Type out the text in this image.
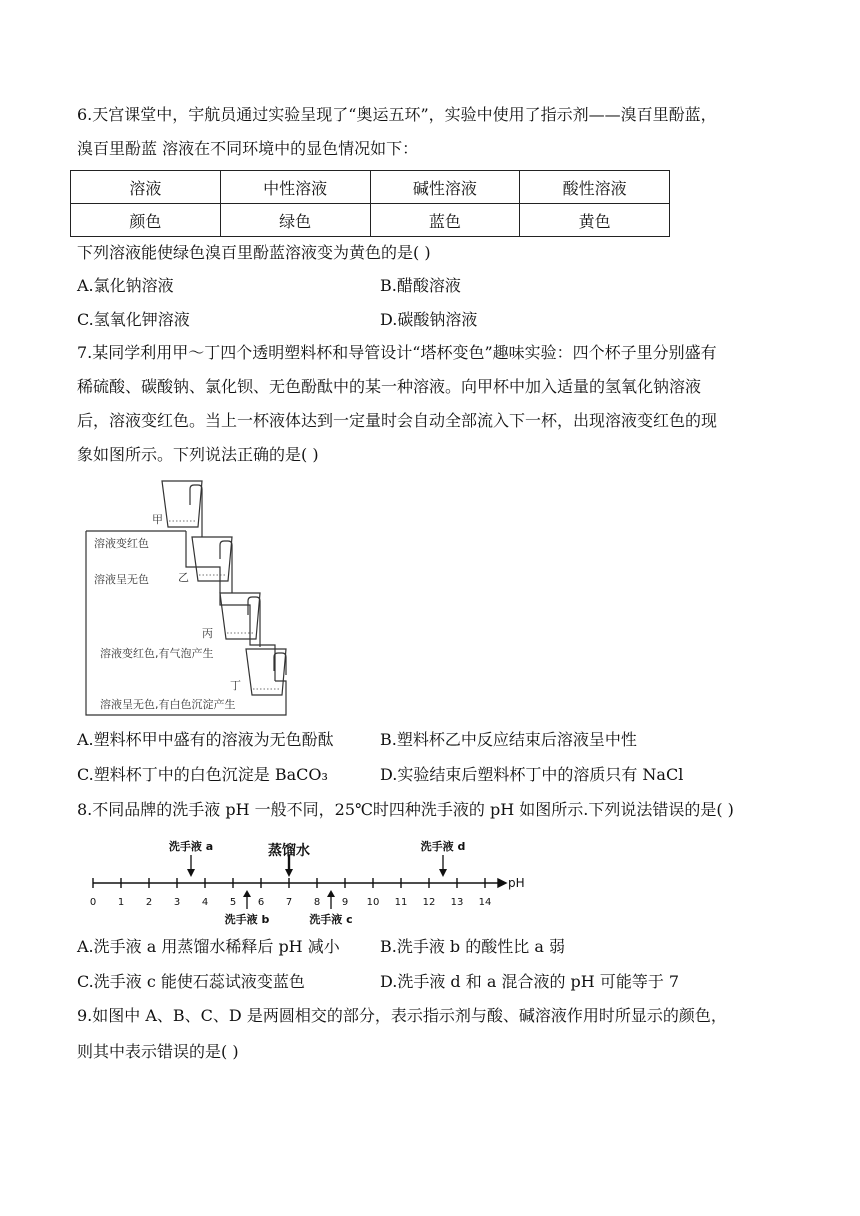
6.天宫课堂中，宇航员通过实验呈现了“奥运五环”，实验中使用了指示剂——溴百里酚蓝，
溴百里酚蓝 溶液在不同环境中的显色情况如下：
溶液	中性溶液	碱性溶液	酸性溶液
颜色	绿色	蓝色	黄色
下列溶液能使绿色溴百里酚蓝溶液变为黄色的是( )
A.氯化钠溶液	B.醋酸溶液
C.氢氧化钾溶液	D.碳酸钠溶液
7.某同学利用甲～丁四个透明塑料杯和导管设计“塔杯变色”趣味实验：四个杯子里分别盛有
稀硫酸、碳酸钠、氯化钡、无色酚酞中的某一种溶液。向甲杯中加入适量的氢氧化钠溶液
后，溶液变红色。当上一杯液体达到一定量时会自动全部流入下一杯，出现溶液变红色的现
象如图所示。下列说法正确的是( )
甲
乙
丙
丁
溶液变红色
溶液呈无色
溶液变红色,有气泡产生
溶液呈无色,有白色沉淀产生
A.塑料杯甲中盛有的溶液为无色酚酞	B.塑料杯乙中反应结束后溶液呈中性
C.塑料杯丁中的白色沉淀是 BaCO₃	D.实验结束后塑料杯丁中的溶质只有 NaCl
8.不同品牌的洗手液 pH 一般不同，25℃时四种洗手液的 pH 如图所示.下列说法错误的是( )
0 1 2 3 4 5 6 7 8 9 10 11 12 13 14
洗手液 a	蒸馏水	洗手液 d
洗手液 b	洗手液 c
pH
A.洗手液 a 用蒸馏水稀释后 pH 减小	B.洗手液 b 的酸性比 a 弱
C.洗手液 c 能使石蕊试液变蓝色	D.洗手液 d 和 a 混合液的 pH 可能等于 7
9.如图中 A、B、C、D 是两圆相交的部分，表示指示剂与酸、碱溶液作用时所显示的颜色，
则其中表示错误的是( )
